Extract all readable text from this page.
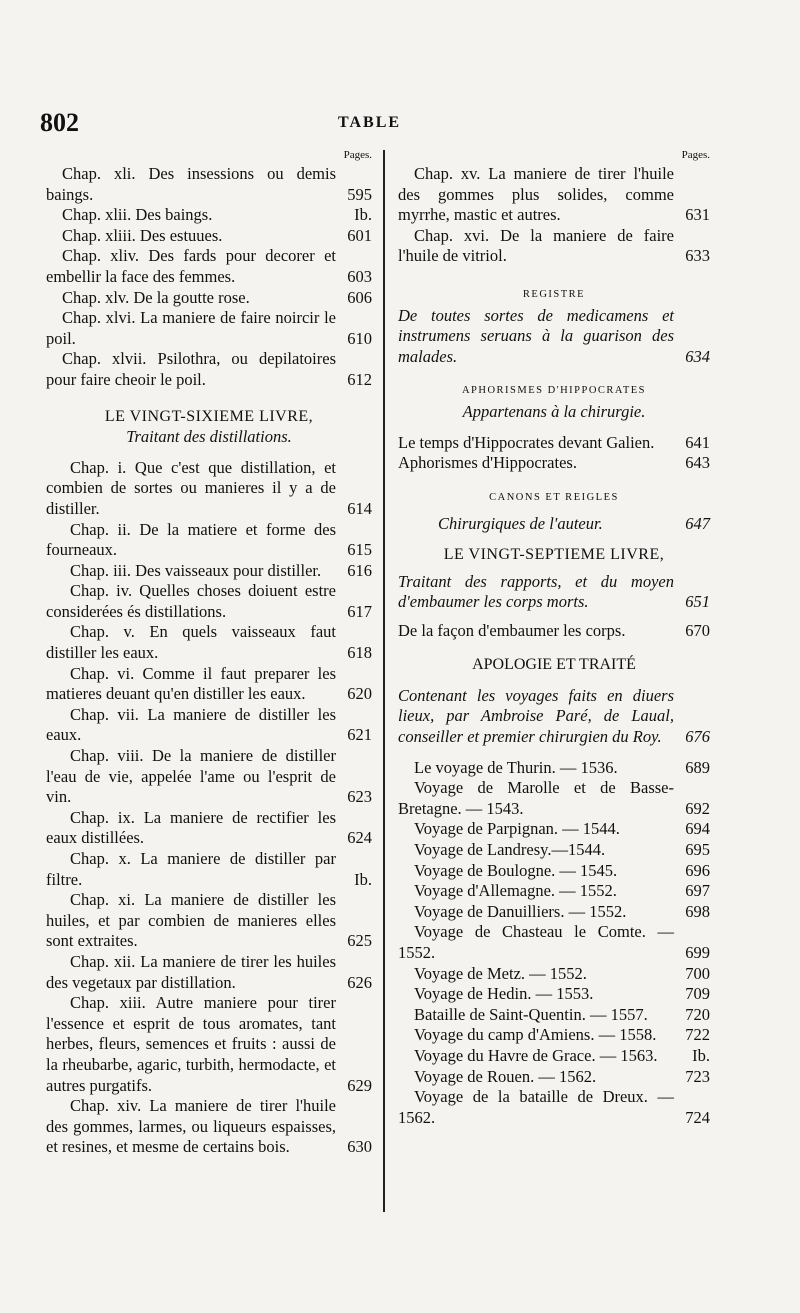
802	TABLE
Pages.
Chap. xli. Des insessions ou demis baings.	595
Chap. xlii. Des baings.	Ib.
Chap. xliii. Des estuues.	601
Chap. xliv. Des fards pour decorer et embellir la face des femmes.	603
Chap. xlv. De la goutte rose.	606
Chap. xlvi. La maniere de faire noircir le poil.	610
Chap. xlvii. Psilothra, ou depilatoires pour faire cheoir le poil.	612
LE VINGT-SIXIEME LIVRE,
Traitant des distillations.
Chap. i. Que c'est que distillation, et combien de sortes ou manieres il y a de distiller.	614
Chap. ii. De la matiere et forme des fourneaux.	615
Chap. iii. Des vaisseaux pour distiller.	616
Chap. iv. Quelles choses doiuent estre considerées és distillations.	617
Chap. v. En quels vaisseaux faut distiller les eaux.	618
Chap. vi. Comme il faut preparer les matieres deuant qu'en distiller les eaux.	620
Chap. vii. La maniere de distiller les eaux.	621
Chap. viii. De la maniere de distiller l'eau de vie, appelée l'ame ou l'esprit de vin.	623
Chap. ix. La maniere de rectifier les eaux distillées.	624
Chap. x. La maniere de distiller par filtre.	Ib.
Chap. xi. La maniere de distiller les huiles, et par combien de manieres elles sont extraites.	625
Chap. xii. La maniere de tirer les huiles des vegetaux par distillation.	626
Chap. xiii. Autre maniere pour tirer l'essence et esprit de tous aromates, tant herbes, fleurs, semences et fruits : aussi de la rheubarbe, agaric, turbith, hermodacte, et autres purgatifs.	629
Chap. xiv. La maniere de tirer l'huile des gommes, larmes, ou liqueurs espaisses, et resines, et mesme de certains bois.	630
Pages.
Chap. xv. La maniere de tirer l'huile des gommes plus solides, comme myrrhe, mastic et autres.	631
Chap. xvi. De la maniere de faire l'huile de vitriol.	633
REGISTRE
De toutes sortes de medicamens et instrumens seruans à la guarison des malades.	634
APHORISMES D'HIPPOCRATES
Appartenans à la chirurgie.
Le temps d'Hippocrates devant Galien. 641
Aphorismes d'Hippocrates.	643
CANONS ET REIGLES
Chirurgiques de l'auteur.	647
LE VINGT-SEPTIEME LIVRE,
Traitant des rapports, et du moyen d'embaumer les corps morts.	651
De la façon d'embaumer les corps.	670
APOLOGIE ET TRAITÉ
Contenant les voyages faits en diuers lieux, par Ambroise Paré, de Laual, conseiller et premier chirurgien du Roy. 676
Le voyage de Thurin. — 1536.	689
Voyage de Marolle et de Basse-Bretagne. — 1543.	692
Voyage de Parpignan. — 1544.	694
Voyage de Landresy.—1544.	695
Voyage de Boulogne. — 1545.	696
Voyage d'Allemagne. — 1552.	697
Voyage de Danuilliers. — 1552.	698
Voyage de Chasteau le Comte. — 1552.	699
Voyage de Metz. — 1552.	700
Voyage de Hedin. — 1553.	709
Bataille de Saint-Quentin. — 1557.	720
Voyage du camp d'Amiens. — 1558.	722
Voyage du Havre de Grace. — 1563.	Ib.
Voyage de Rouen. — 1562.	723
Voyage de la bataille de Dreux. — 1562.	724
